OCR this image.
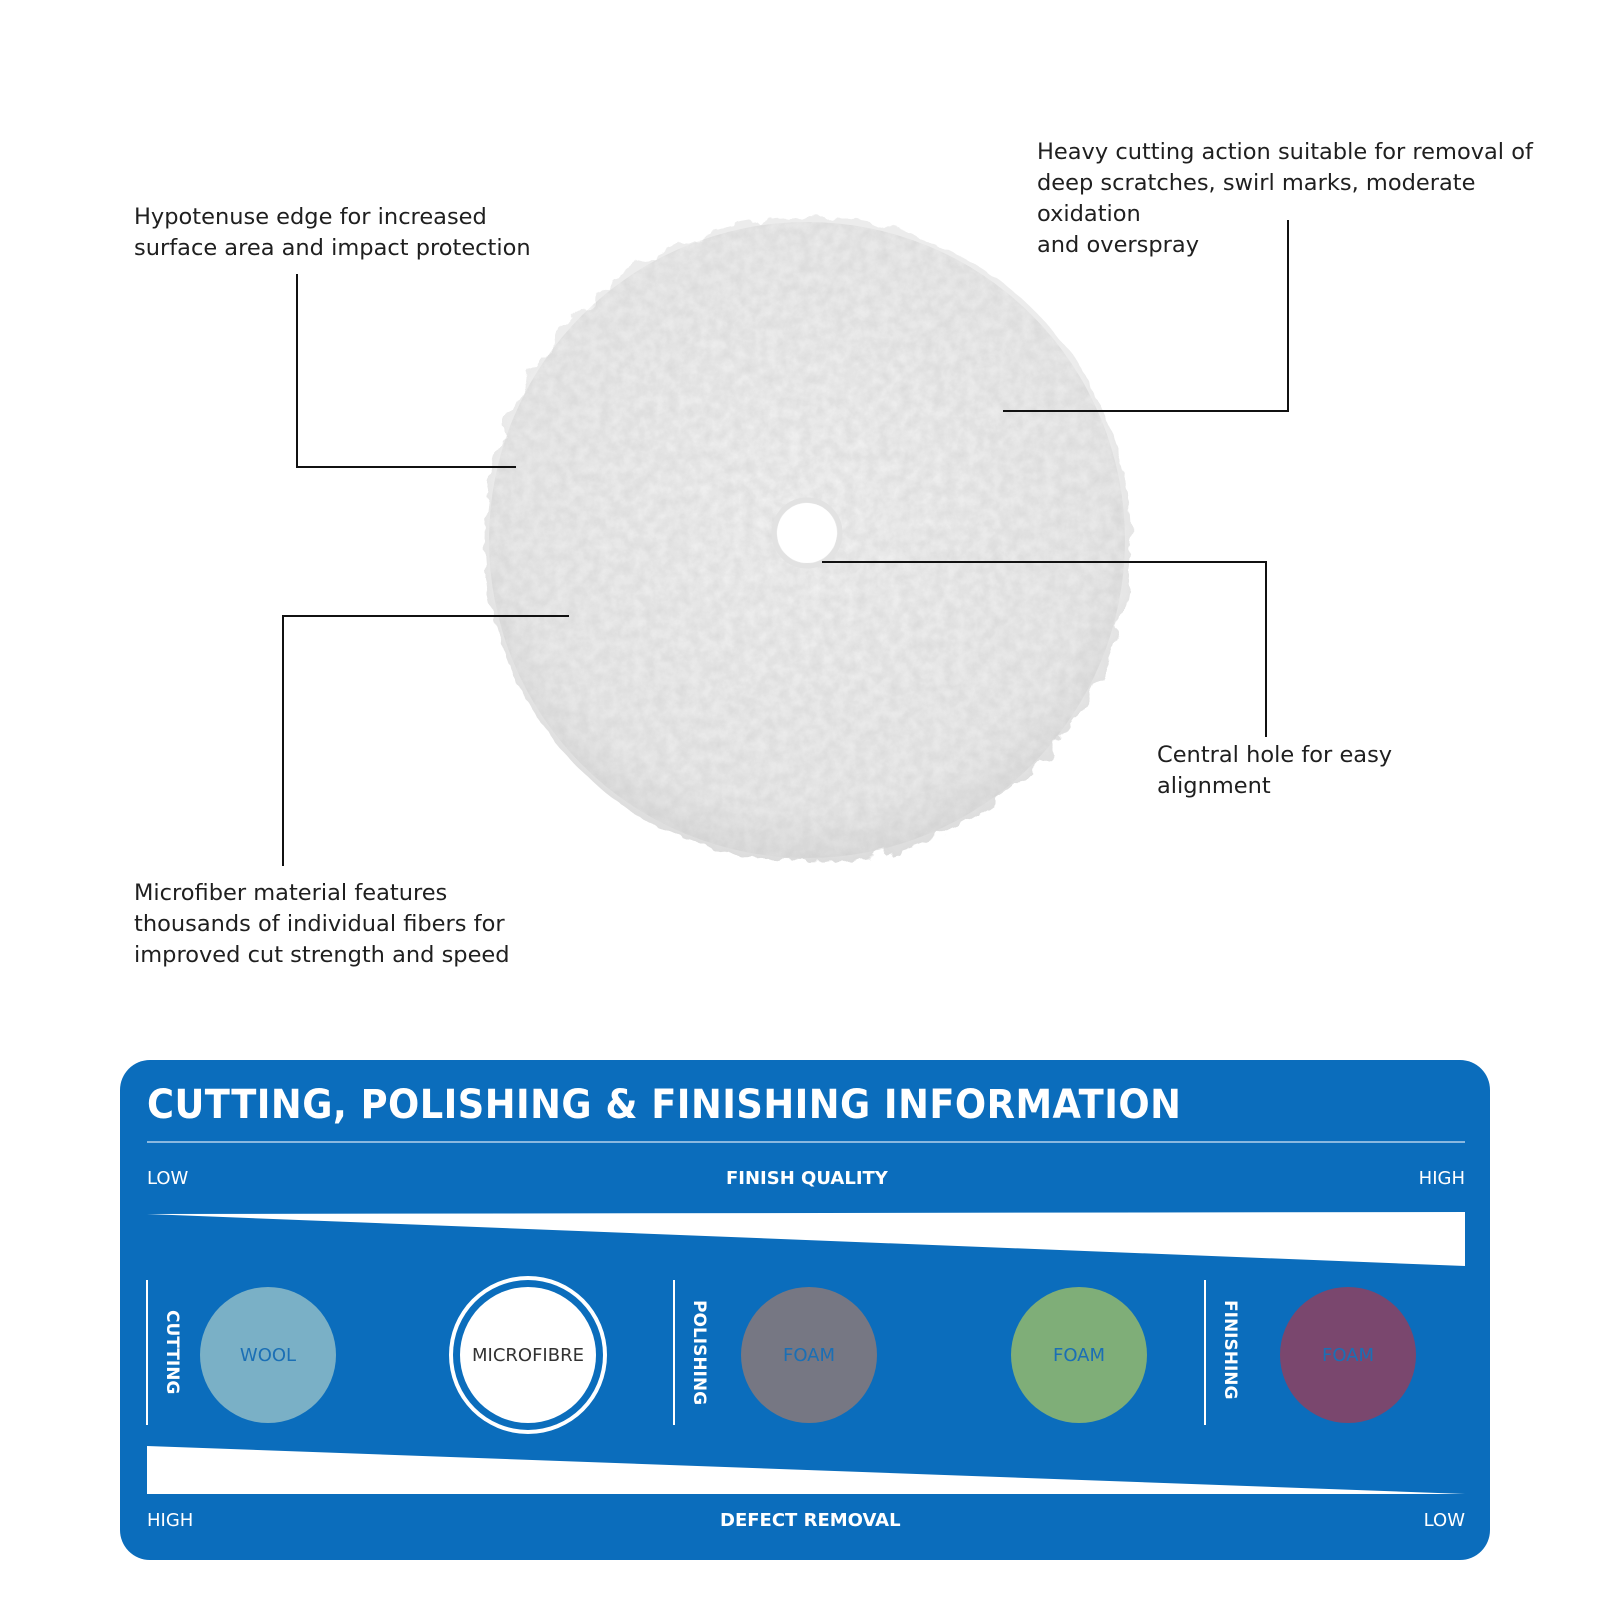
Hypotenuse edge for increased
surface area and impact protection
Heavy cutting action suitable for removal of
deep scratches, swirl marks, moderate oxidation
and overspray
Central hole for easy
alignment
Microfiber material features
thousands of individual fibers for
improved cut strength and speed
CUTTING, POLISHING & FINISHING INFORMATION
LOW	FINISH QUALITY	HIGH
CUTTING	POLISHING	FINISHING
WOOL	MICROFIBRE	FOAM	FOAM	FOAM
HIGH	DEFECT REMOVAL	LOW
